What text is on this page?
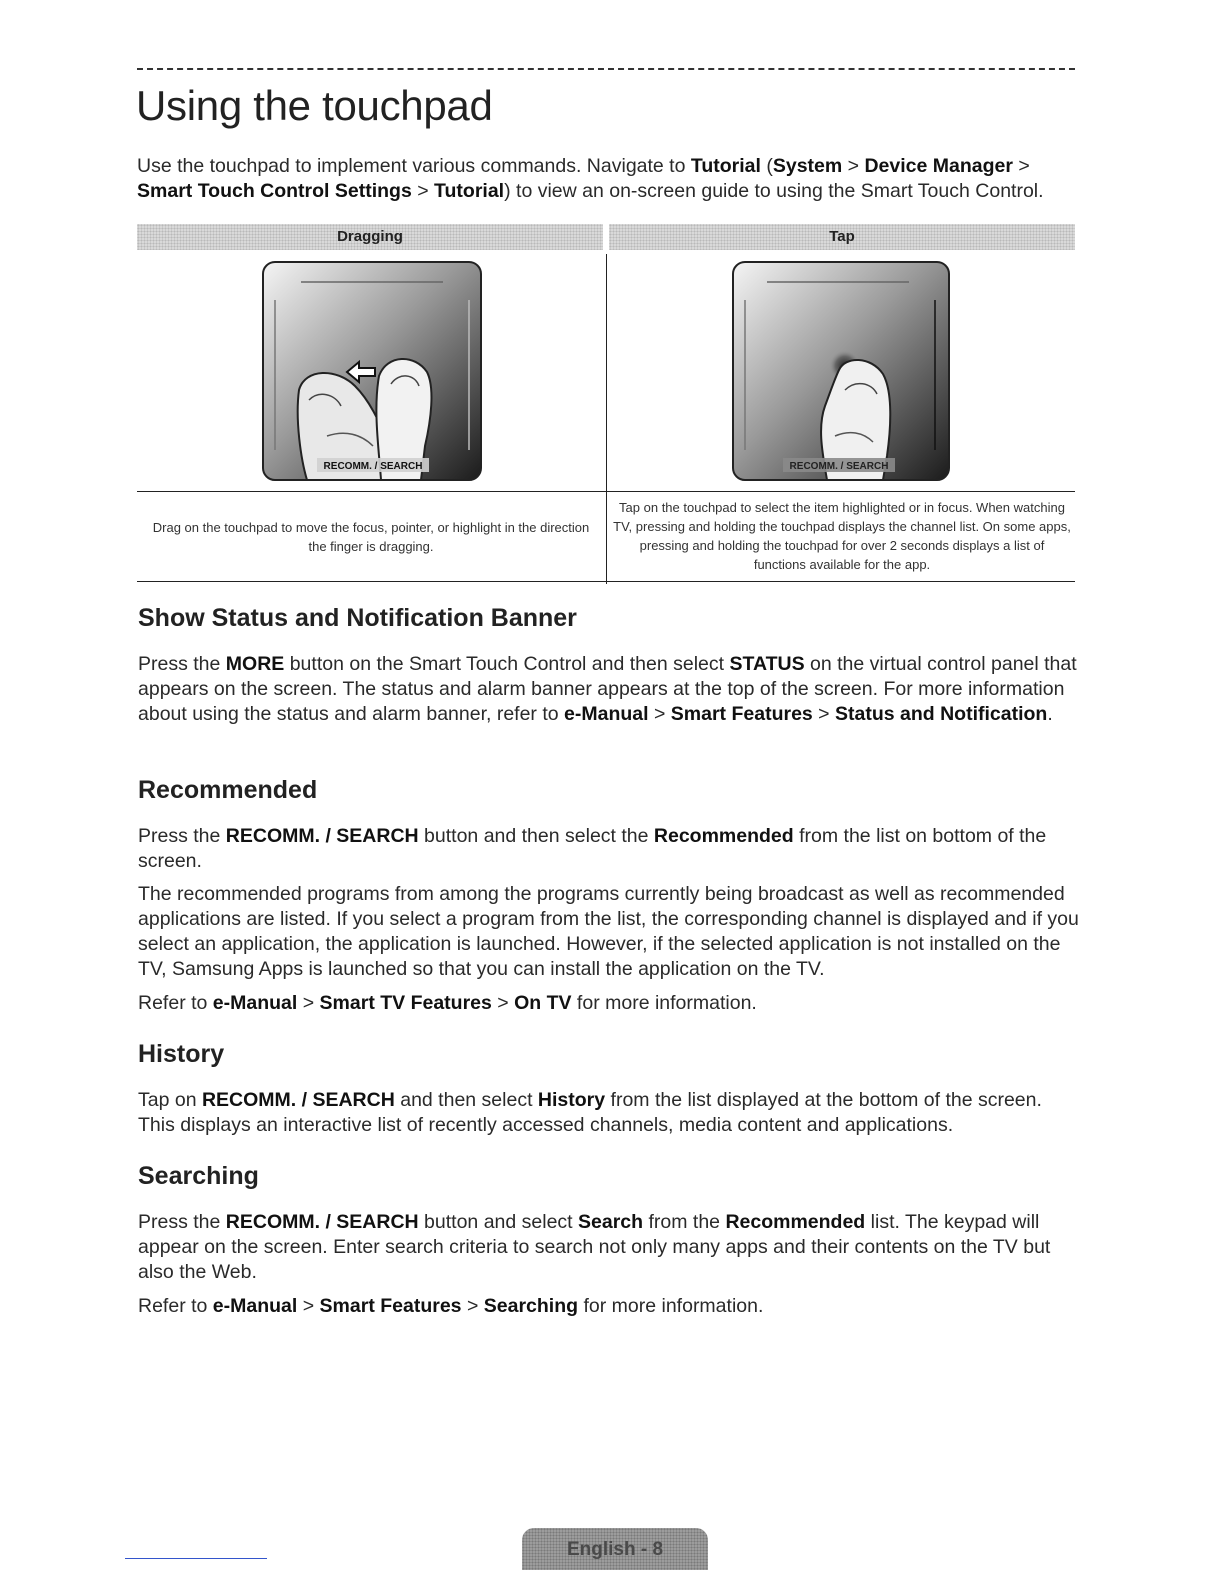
Using the touchpad

Use the touchpad to implement various commands. Navigate to Tutorial (System > Device Manager > Smart Touch Control Settings > Tutorial) to view an on-screen guide to using the Smart Touch Control.

Dragging	Tap
RECOMM. / SEARCH	RECOMM. / SEARCH

Drag on the touchpad to move the focus, pointer, or highlight in the direction the finger is dragging.

Tap on the touchpad to select the item highlighted or in focus. When watching TV, pressing and holding the touchpad displays the channel list. On some apps, pressing and holding the touchpad for over 2 seconds displays a list of functions available for the app.

Show Status and Notification Banner

Press the MORE button on the Smart Touch Control and then select STATUS on the virtual control panel that appears on the screen. The status and alarm banner appears at the top of the screen. For more information about using the status and alarm banner, refer to e-Manual > Smart Features > Status and Notification.

Recommended

Press the RECOMM. / SEARCH button and then select the Recommended from the list on bottom of the screen.

The recommended programs from among the programs currently being broadcast as well as recommended applications are listed. If you select a program from the list, the corresponding channel is displayed and if you select an application, the application is launched. However, if the selected application is not installed on the TV, Samsung Apps is launched so that you can install the application on the TV.

Refer to e-Manual > Smart TV Features > On TV for more information.

History

Tap on RECOMM. / SEARCH and then select History from the list displayed at the bottom of the screen. This displays an interactive list of recently accessed channels, media content and applications.

Searching

Press the RECOMM. / SEARCH button and select Search from the Recommended list. The keypad will appear on the screen. Enter search criteria to search not only many apps and their contents on the TV but also the Web.

Refer to e-Manual > Smart Features > Searching for more information.

English - 8
